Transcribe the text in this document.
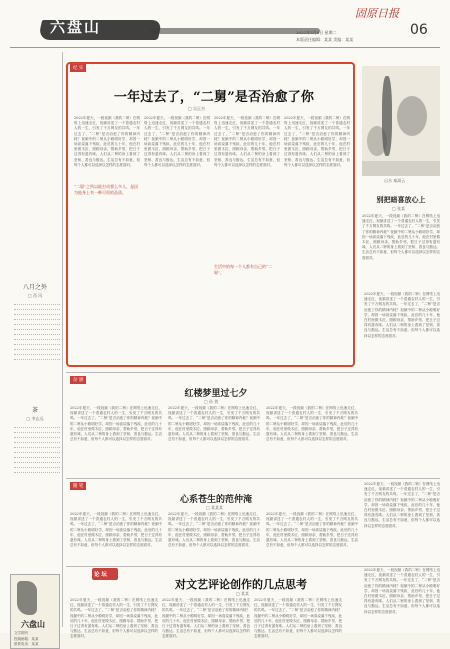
六盘山
固原日报
2022年3月8日 星期二
本版责任编辑：某某 美编：某某
06
八月之外
□ 西 风
茶
□ 李志远
六盘山
文学期刊
投稿邮箱：某某
联系电话：某某
纪 实
一年过去了，“二舅”是否治愈了你
□ 吴正杰
2022年夏天，一段视频《我的二舅》在网络上迅速走红，视频讲述了一个普通农村人的一生，引发了千万网友的共鸣。一年过去了，“二舅”是否治愈了你的精神内耗？视频中的二舅从小聪明好学，却因一场高烧落下残疾，此后的几十年，他在村里做木匠、照顾母亲、帮助乡邻，把日子过得有滋有味。人们从二舅的身上看到了坚韧、善良与豁达。生活总有不如意，但每个人都可以选择以怎样的态度面对。
2022年夏天，一段视频《我的二舅》在网络上迅速走红，视频讲述了一个普通农村人的一生，引发了千万网友的共鸣。一年过去了，“二舅”是否治愈了你的精神内耗？视频中的二舅从小聪明好学，却因一场高烧落下残疾，此后的几十年，他在村里做木匠、照顾母亲、帮助乡邻，把日子过得有滋有味。人们从二舅的身上看到了坚韧、善良与豁达。生活总有不如意，但每个人都可以选择以怎样的态度面对。
2022年夏天，一段视频《我的二舅》在网络上迅速走红，视频讲述了一个普通农村人的一生，引发了千万网友的共鸣。一年过去了，“二舅”是否治愈了你的精神内耗？视频中的二舅从小聪明好学，却因一场高烧落下残疾，此后的几十年，他在村里做木匠、照顾母亲、帮助乡邻，把日子过得有滋有味。人们从二舅的身上看到了坚韧、善良与豁达。生活总有不如意，但每个人都可以选择以怎样的态度面对。
2022年夏天，一段视频《我的二舅》在网络上迅速走红，视频讲述了一个普通农村人的一生，引发了千万网友的共鸣。一年过去了，“二舅”是否治愈了你的精神内耗？视频中的二舅从小聪明好学，却因一场高烧落下残疾，此后的几十年，他在村里做木匠、照顾母亲、帮助乡邻，把日子过得有滋有味。人们从二舅的身上看到了坚韧、善良与豁达。生活总有不如意，但每个人都可以选择以怎样的态度面对。
“二舅”之所以能打动那么多人，是因为他身上有一种可贵的品质。
生活中的每一个人都有自己的“二舅”。
山水 秦嵩云
别把暗喜放心上
□ 张某
2022年夏天，一段视频《我的二舅》在网络上迅速走红，视频讲述了一个普通农村人的一生，引发了千万网友的共鸣。一年过去了，“二舅”是否治愈了你的精神内耗？视频中的二舅从小聪明好学，却因一场高烧落下残疾，此后的几十年，他在村里做木匠、照顾母亲、帮助乡邻，把日子过得有滋有味。人们从二舅的身上看到了坚韧、善良与豁达。生活总有不如意，但每个人都可以选择以怎样的态度面对。
杂 感
红楼梦里过七夕
□ 孙 茜
2022年夏天，一段视频《我的二舅》在网络上迅速走红，视频讲述了一个普通农村人的一生，引发了千万网友的共鸣。一年过去了，“二舅”是否治愈了你的精神内耗？视频中的二舅从小聪明好学，却因一场高烧落下残疾，此后的几十年，他在村里做木匠、照顾母亲、帮助乡邻，把日子过得有滋有味。人们从二舅的身上看到了坚韧、善良与豁达。生活总有不如意，但每个人都可以选择以怎样的态度面对。
2022年夏天，一段视频《我的二舅》在网络上迅速走红，视频讲述了一个普通农村人的一生，引发了千万网友的共鸣。一年过去了，“二舅”是否治愈了你的精神内耗？视频中的二舅从小聪明好学，却因一场高烧落下残疾，此后的几十年，他在村里做木匠、照顾母亲、帮助乡邻，把日子过得有滋有味。人们从二舅的身上看到了坚韧、善良与豁达。生活总有不如意，但每个人都可以选择以怎样的态度面对。
2022年夏天，一段视频《我的二舅》在网络上迅速走红，视频讲述了一个普通农村人的一生，引发了千万网友的共鸣。一年过去了，“二舅”是否治愈了你的精神内耗？视频中的二舅从小聪明好学，却因一场高烧落下残疾，此后的几十年，他在村里做木匠、照顾母亲、帮助乡邻，把日子过得有滋有味。人们从二舅的身上看到了坚韧、善良与豁达。生活总有不如意，但每个人都可以选择以怎样的态度面对。
2022年夏天，一段视频《我的二舅》在网络上迅速走红，视频讲述了一个普通农村人的一生，引发了千万网友的共鸣。一年过去了，“二舅”是否治愈了你的精神内耗？视频中的二舅从小聪明好学，却因一场高烧落下残疾，此后的几十年，他在村里做木匠、照顾母亲、帮助乡邻，把日子过得有滋有味。人们从二舅的身上看到了坚韧、善良与豁达。生活总有不如意，但每个人都可以选择以怎样的态度面对。
随 笔
心系苍生的范仲淹
□ 某某某
2022年夏天，一段视频《我的二舅》在网络上迅速走红，视频讲述了一个普通农村人的一生，引发了千万网友的共鸣。一年过去了，“二舅”是否治愈了你的精神内耗？视频中的二舅从小聪明好学，却因一场高烧落下残疾，此后的几十年，他在村里做木匠、照顾母亲、帮助乡邻，把日子过得有滋有味。人们从二舅的身上看到了坚韧、善良与豁达。生活总有不如意，但每个人都可以选择以怎样的态度面对。
2022年夏天，一段视频《我的二舅》在网络上迅速走红，视频讲述了一个普通农村人的一生，引发了千万网友的共鸣。一年过去了，“二舅”是否治愈了你的精神内耗？视频中的二舅从小聪明好学，却因一场高烧落下残疾，此后的几十年，他在村里做木匠、照顾母亲、帮助乡邻，把日子过得有滋有味。人们从二舅的身上看到了坚韧、善良与豁达。生活总有不如意，但每个人都可以选择以怎样的态度面对。
2022年夏天，一段视频《我的二舅》在网络上迅速走红，视频讲述了一个普通农村人的一生，引发了千万网友的共鸣。一年过去了，“二舅”是否治愈了你的精神内耗？视频中的二舅从小聪明好学，却因一场高烧落下残疾，此后的几十年，他在村里做木匠、照顾母亲、帮助乡邻，把日子过得有滋有味。人们从二舅的身上看到了坚韧、善良与豁达。生活总有不如意，但每个人都可以选择以怎样的态度面对。
2022年夏天，一段视频《我的二舅》在网络上迅速走红，视频讲述了一个普通农村人的一生，引发了千万网友的共鸣。一年过去了，“二舅”是否治愈了你的精神内耗？视频中的二舅从小聪明好学，却因一场高烧落下残疾，此后的几十年，他在村里做木匠、照顾母亲、帮助乡邻，把日子过得有滋有味。人们从二舅的身上看到了坚韧、善良与豁达。生活总有不如意，但每个人都可以选择以怎样的态度面对。
论 坛
对文艺评论创作的几点思考
□ 某某
2022年夏天，一段视频《我的二舅》在网络上迅速走红，视频讲述了一个普通农村人的一生，引发了千万网友的共鸣。一年过去了，“二舅”是否治愈了你的精神内耗？视频中的二舅从小聪明好学，却因一场高烧落下残疾，此后的几十年，他在村里做木匠、照顾母亲、帮助乡邻，把日子过得有滋有味。人们从二舅的身上看到了坚韧、善良与豁达。生活总有不如意，但每个人都可以选择以怎样的态度面对。
2022年夏天，一段视频《我的二舅》在网络上迅速走红，视频讲述了一个普通农村人的一生，引发了千万网友的共鸣。一年过去了，“二舅”是否治愈了你的精神内耗？视频中的二舅从小聪明好学，却因一场高烧落下残疾，此后的几十年，他在村里做木匠、照顾母亲、帮助乡邻，把日子过得有滋有味。人们从二舅的身上看到了坚韧、善良与豁达。生活总有不如意，但每个人都可以选择以怎样的态度面对。
2022年夏天，一段视频《我的二舅》在网络上迅速走红，视频讲述了一个普通农村人的一生，引发了千万网友的共鸣。一年过去了，“二舅”是否治愈了你的精神内耗？视频中的二舅从小聪明好学，却因一场高烧落下残疾，此后的几十年，他在村里做木匠、照顾母亲、帮助乡邻，把日子过得有滋有味。人们从二舅的身上看到了坚韧、善良与豁达。生活总有不如意，但每个人都可以选择以怎样的态度面对。
2022年夏天，一段视频《我的二舅》在网络上迅速走红，视频讲述了一个普通农村人的一生，引发了千万网友的共鸣。一年过去了，“二舅”是否治愈了你的精神内耗？视频中的二舅从小聪明好学，却因一场高烧落下残疾，此后的几十年，他在村里做木匠、照顾母亲、帮助乡邻，把日子过得有滋有味。人们从二舅的身上看到了坚韧、善良与豁达。生活总有不如意，但每个人都可以选择以怎样的态度面对。
